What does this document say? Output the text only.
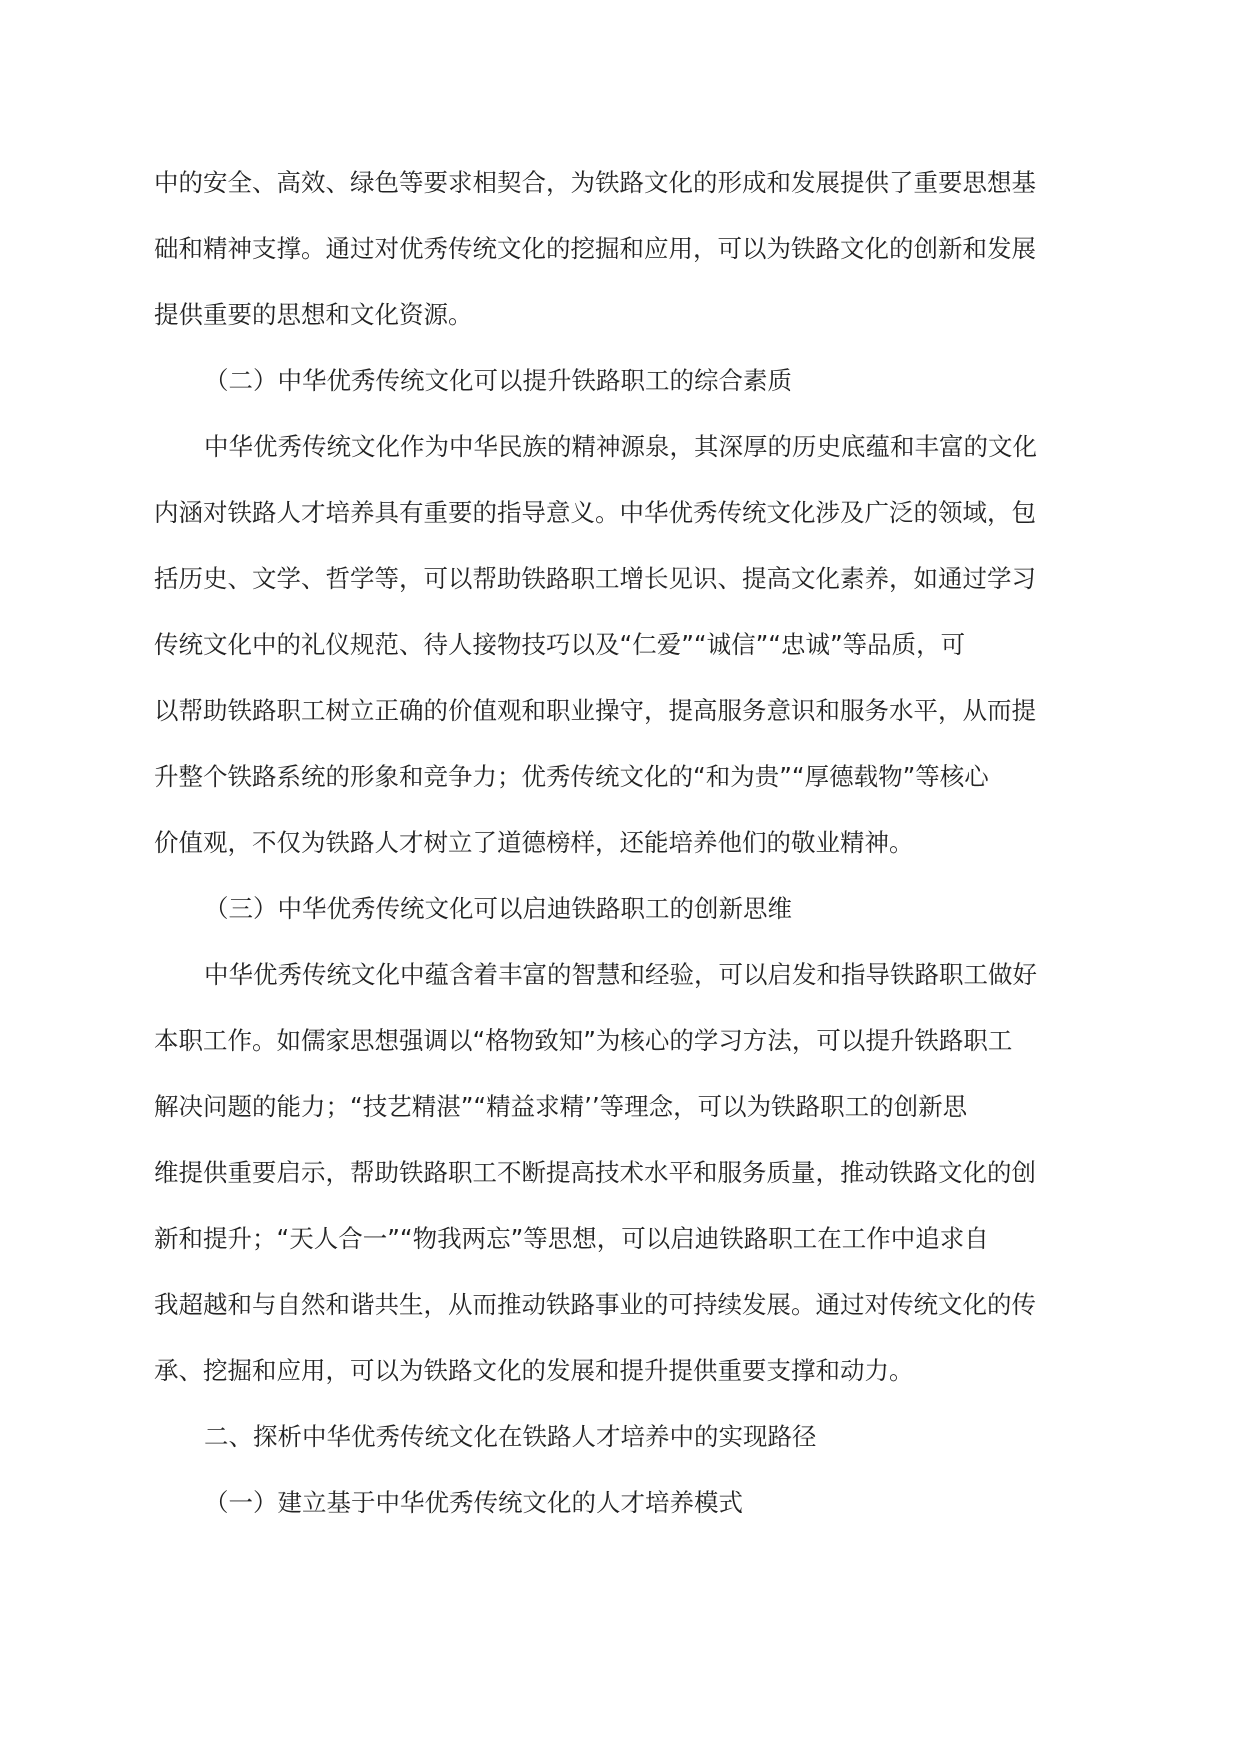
中的安全、高效、绿色等要求相契合，为铁路文化的形成和发展提供了重要思想基
础和精神支撑。通过对优秀传统文化的挖掘和应用，可以为铁路文化的创新和发展
提供重要的思想和文化资源。
（二）中华优秀传统文化可以提升铁路职工的综合素质
中华优秀传统文化作为中华民族的精神源泉，其深厚的历史底蕴和丰富的文化
内涵对铁路人才培养具有重要的指导意义。中华优秀传统文化涉及广泛的领域，包
括历史、文学、哲学等，可以帮助铁路职工增长见识、提高文化素养，如通过学习
传统文化中的礼仪规范、待人接物技巧以及“仁爱”“诚信”“忠诚”等品质，可
以帮助铁路职工树立正确的价值观和职业操守，提高服务意识和服务水平，从而提
升整个铁路系统的形象和竞争力；优秀传统文化的“和为贵”“厚德载物”等核心
价值观，不仅为铁路人才树立了道德榜样，还能培养他们的敬业精神。
（三）中华优秀传统文化可以启迪铁路职工的创新思维
中华优秀传统文化中蕴含着丰富的智慧和经验，可以启发和指导铁路职工做好
本职工作。如儒家思想强调以“格物致知”为核心的学习方法，可以提升铁路职工
解决问题的能力；“技艺精湛”“精益求精’’等理念，可以为铁路职工的创新思
维提供重要启示，帮助铁路职工不断提高技术水平和服务质量，推动铁路文化的创
新和提升；“天人合一”“物我两忘”等思想，可以启迪铁路职工在工作中追求自
我超越和与自然和谐共生，从而推动铁路事业的可持续发展。通过对传统文化的传
承、挖掘和应用，可以为铁路文化的发展和提升提供重要支撑和动力。
二、探析中华优秀传统文化在铁路人才培养中的实现路径
（一）建立基于中华优秀传统文化的人才培养模式
